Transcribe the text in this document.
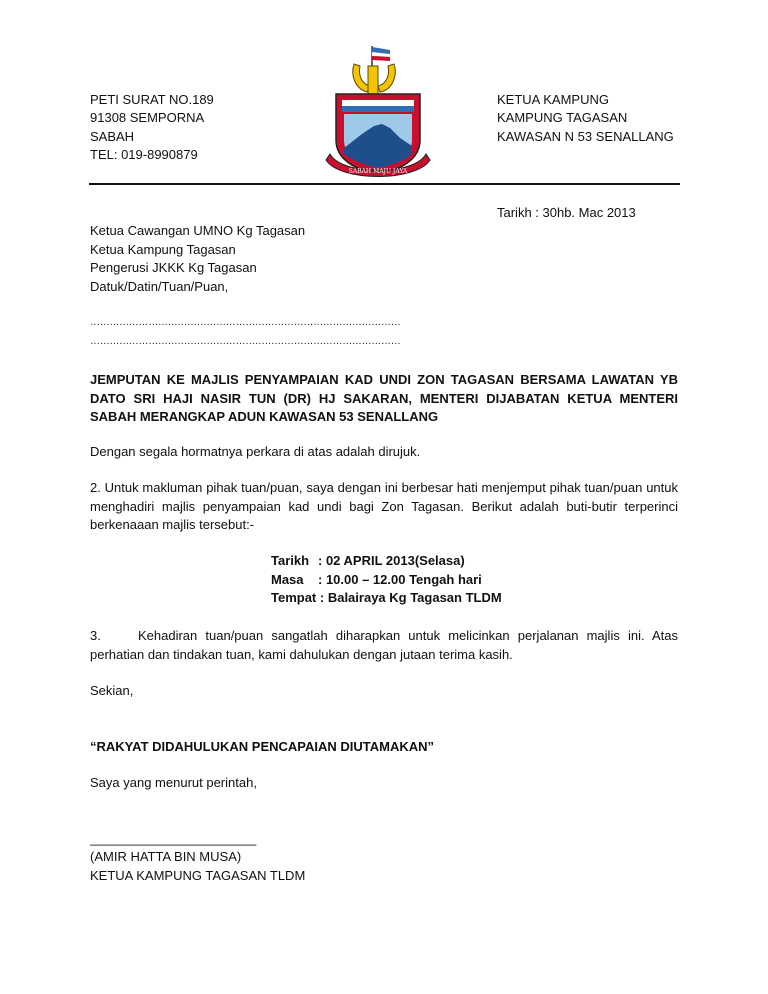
PETI SURAT NO.189
91308 SEMPORNA
SABAH
TEL: 019-8990879
SABAH MAJU JAYA
KETUA KAMPUNG
KAMPUNG TAGASAN
KAWASAN N 53 SENALLANG
Tarikh : 30hb. Mac 2013
Ketua Cawangan UMNO Kg Tagasan
Ketua Kampung Tagasan
Pengerusi JKKK Kg Tagasan
Datuk/Datin/Tuan/Puan,
……………………………………………………………………………………
……………………………………………………………………………………
JEMPUTAN KE MAJLIS PENYAMPAIAN KAD UNDI ZON TAGASAN BERSAMA LAWATAN YB DATO SRI HAJI NASIR TUN (DR) HJ SAKARAN, MENTERI DIJABATAN KETUA MENTERI SABAH MERANGKAP ADUN KAWASAN 53 SENALLANG
Dengan segala hormatnya perkara di atas adalah dirujuk.
2. Untuk makluman pihak tuan/puan, saya dengan ini berbesar hati menjemput pihak tuan/puan untuk menghadiri majlis penyampaian kad undi bagi Zon Tagasan. Berikut adalah buti-butir terperinci berkenaaan majlis tersebut:-
Tarikh : 02 APRIL 2013(Selasa)
Masa : 10.00 – 12.00 Tengah hari
Tempat : Balairaya Kg Tagasan TLDM
3.	Kehadiran tuan/puan sangatlah diharapkan untuk melicinkan perjalanan majlis ini. Atas perhatian dan tindakan tuan, kami dahulukan dengan jutaan terima kasih.
Sekian,
“RAKYAT DIDAHULUKAN PENCAPAIAN DIUTAMAKAN”
Saya yang menurut perintah,
_______________________
(AMIR HATTA BIN MUSA)
KETUA KAMPUNG TAGASAN TLDM
